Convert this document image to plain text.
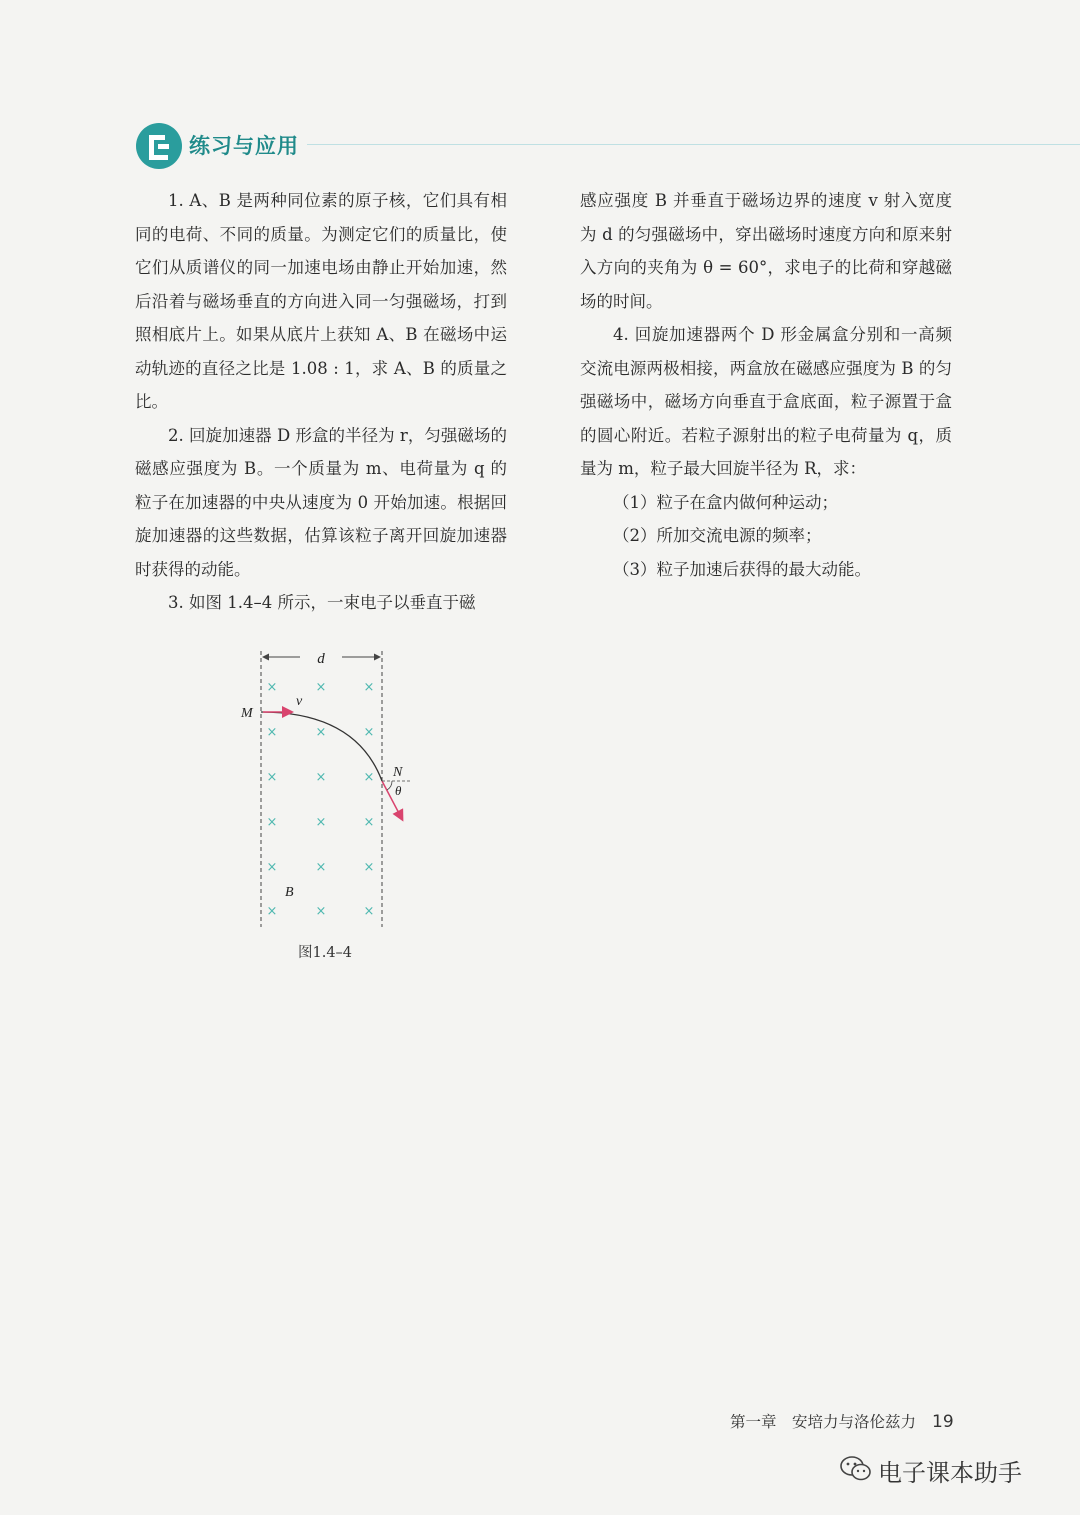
练习与应用

1. A、B 是两种同位素的原子核，它们具有相同的电荷、不同的质量。为测定它们的质量比，使它们从质谱仪的同一加速电场由静止开始加速，然后沿着与磁场垂直的方向进入同一匀强磁场，打到照相底片上。如果从底片上获知 A、B 在磁场中运动轨迹的直径之比是 1.08 : 1，求 A、B 的质量之比。

2. 回旋加速器 D 形盒的半径为 r，匀强磁场的磁感应强度为 B。一个质量为 m、电荷量为 q 的粒子在加速器的中央从速度为 0 开始加速。根据回旋加速器的这些数据，估算该粒子离开回旋加速器时获得的动能。

3. 如图 1.4–4 所示，一束电子以垂直于磁

感应强度 B 并垂直于磁场边界的速度 v 射入宽度为 d 的匀强磁场中，穿出磁场时速度方向和原来射入方向的夹角为 θ = 60°，求电子的比荷和穿越磁场的时间。

4. 回旋加速器两个 D 形金属盒分别和一高频交流电源两极相接，两盒放在磁感应强度为 B 的匀强磁场中，磁场方向垂直于盒底面，粒子源置于盒的圆心附近。若粒子源射出的粒子电荷量为 q，质量为 m，粒子最大回旋半径为 R，求：

（1）粒子在盒内做何种运动；

（2）所加交流电源的频率；

（3）粒子加速后获得的最大动能。

d
×	×	×
×	×	×
×	×	×
×	×	×
×	×	×
×	×	×
M
v
N
θ
B
图1.4–4
第一章　安培力与洛伦兹力 19
电子课本助手
